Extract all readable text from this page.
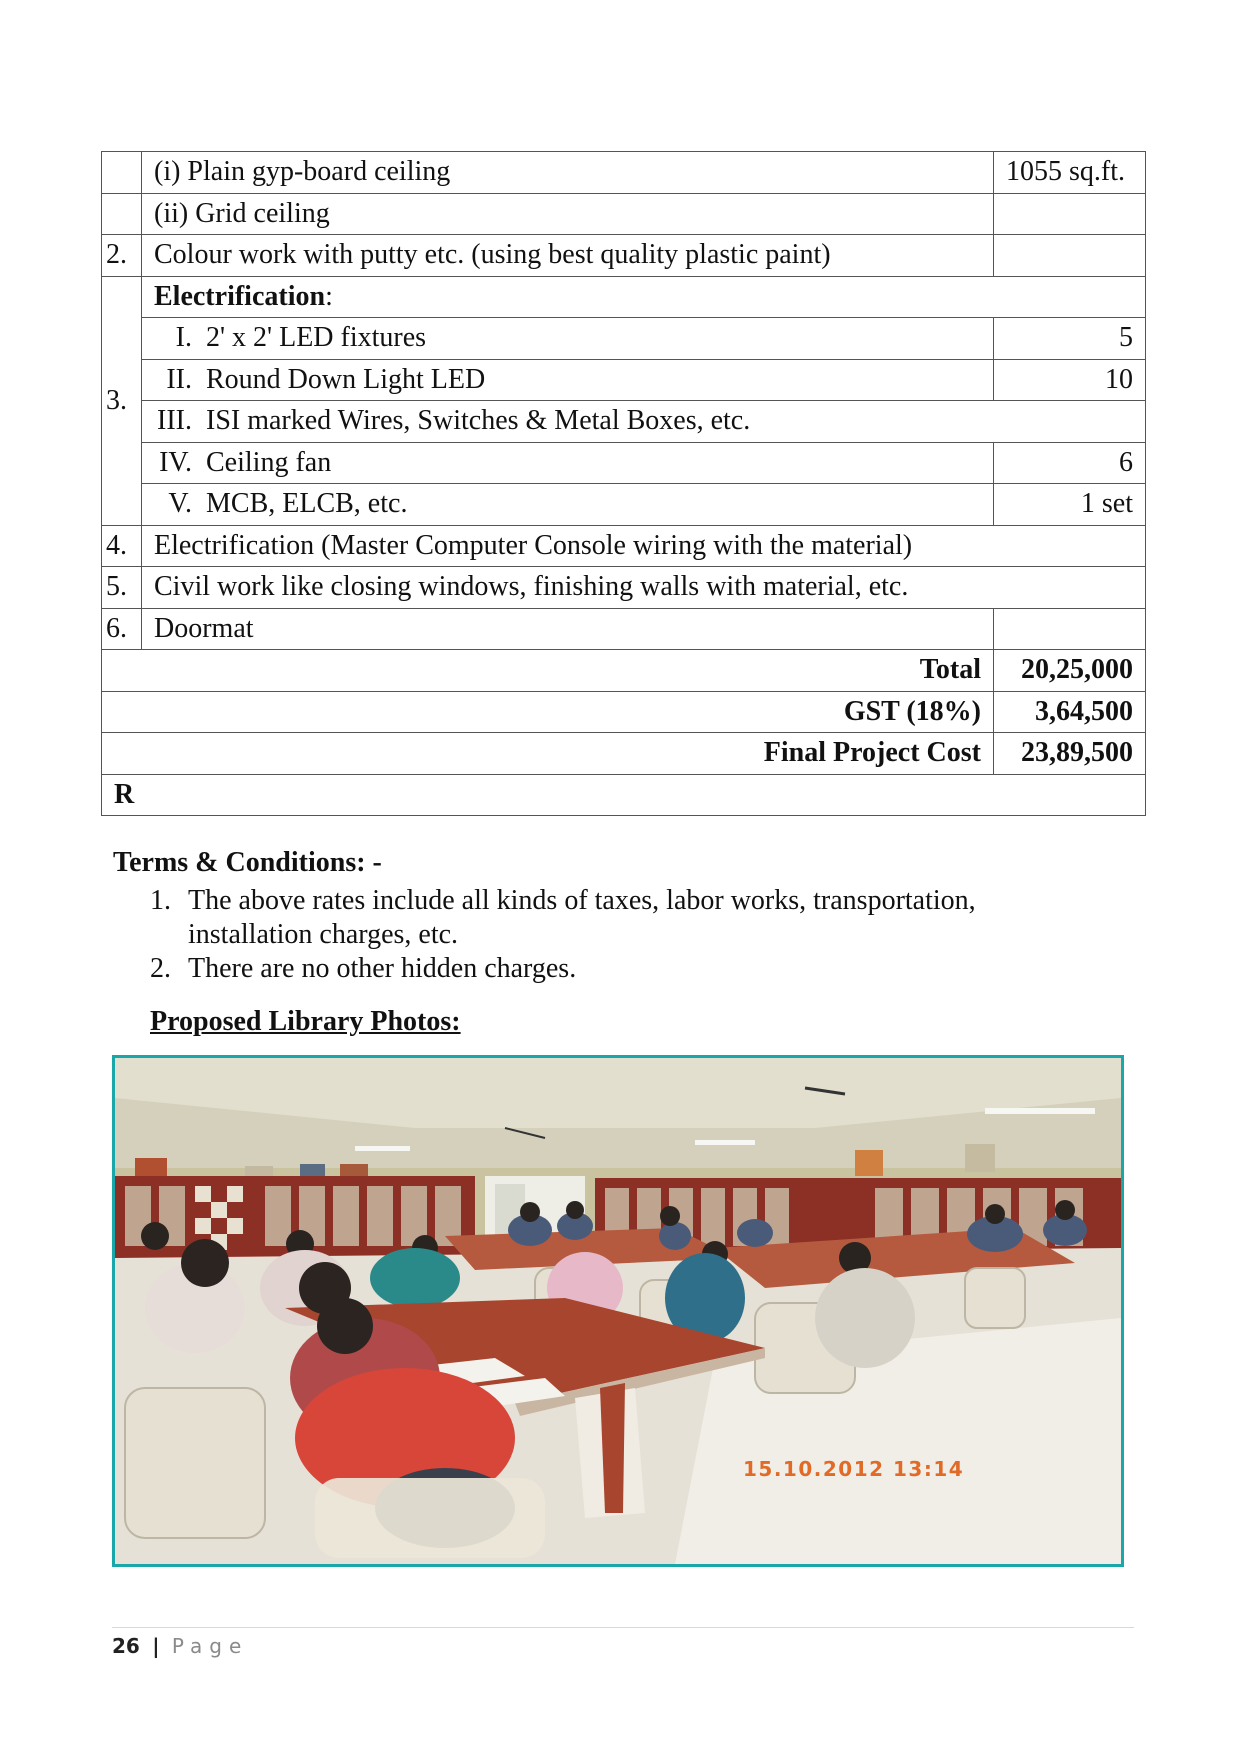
	(i) Plain gyp-board ceiling	1055 sq.ft.
	(ii) Grid ceiling	
2.	Colour work with putty etc. (using best quality plastic paint)	
3.	Electrification:	
	I. 2' x 2' LED fixtures	5
	II. Round Down Light LED	10
	III. ISI marked Wires, Switches & Metal Boxes, etc.	
	IV. Ceiling fan	6
	V. MCB, ELCB, etc.	1 set
4.	Electrification (Master Computer Console wiring with the material)	
5.	Civil work like closing windows, finishing walls with material, etc.	
6.	Doormat	
Total		20,25,000
GST (18%)		3,64,500
Final Project Cost		23,89,500
R		
Terms & Conditions: -
1. The above rates include all kinds of taxes, labor works, transportation, installation charges, etc.
2. There are no other hidden charges.
Proposed Library Photos:
15.10.2012 13:14
26 | Page
